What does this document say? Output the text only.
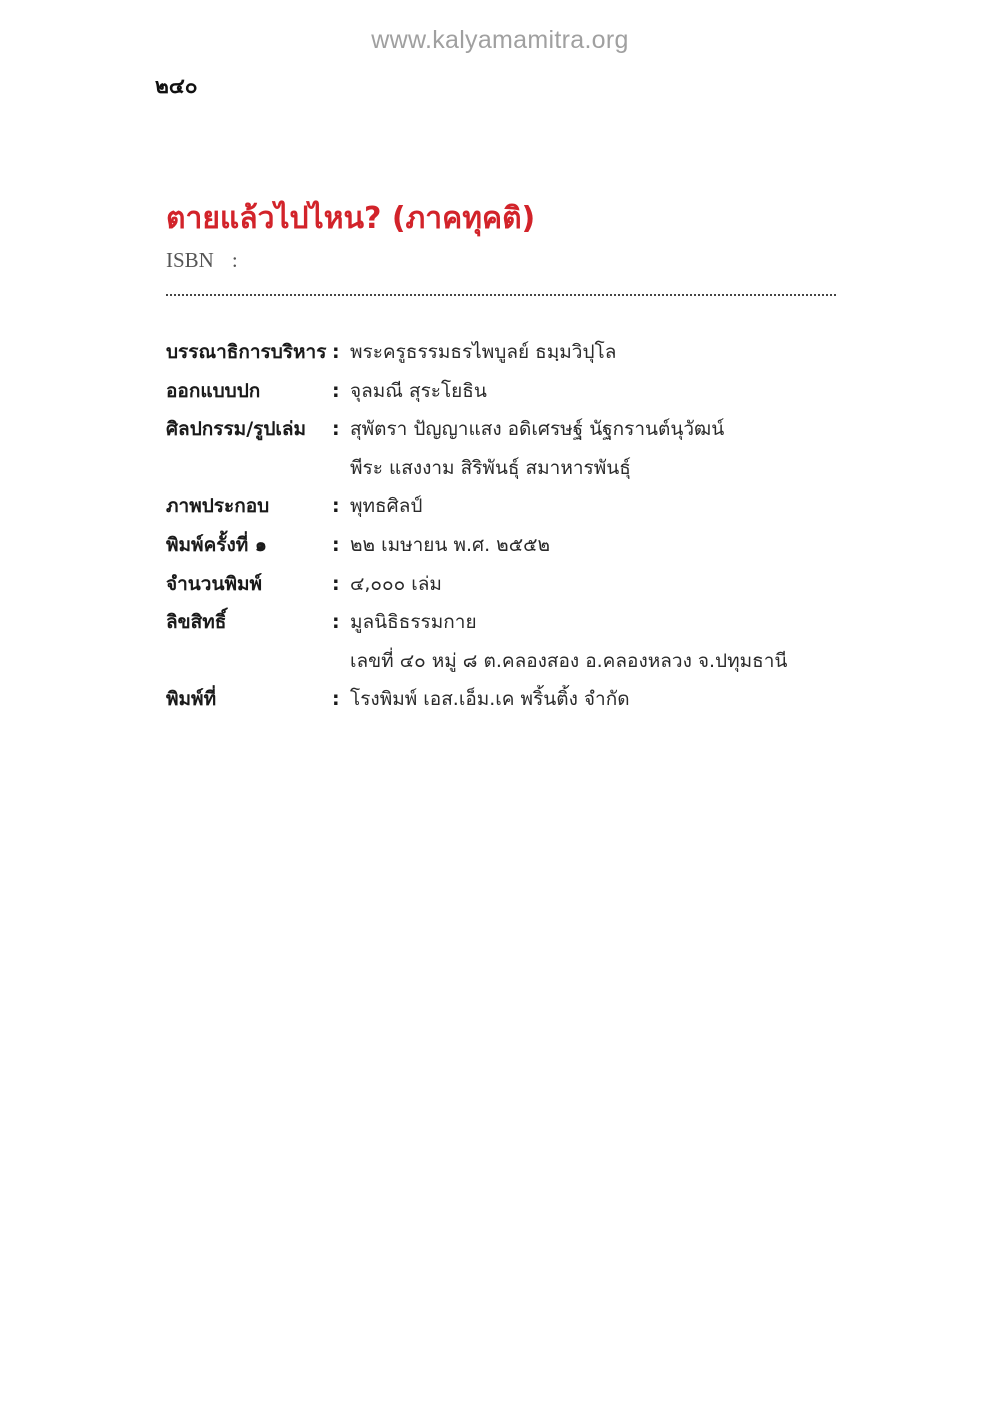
www.kalyamamitra.org
๒๔๐
ตายแล้วไปไหน? (ภาคทุคติ)
ISBN :
บรรณาธิการบริหาร : พระครูธรรมธรไพบูลย์ ธมฺมวิปุโล
ออกแบบปก	: จุลมณี สุระโยธิน
ศิลปกรรม/รูปเล่ม	: สุพัตรา ปัญญาแสง อดิเศรษฐ์ นัฐกรานต์นุวัฒน์
พีระ แสงงาม สิริพันธุ์ สมาหารพันธุ์
ภาพประกอบ	: พุทธศิลป์
พิมพ์ครั้งที่ ๑	: ๒๒ เมษายน พ.ศ. ๒๕๕๒
จำนวนพิมพ์	: ๔,๐๐๐ เล่ม
ลิขสิทธิ์	: มูลนิธิธรรมกาย
เลขที่ ๔๐ หมู่ ๘ ต.คลองสอง อ.คลองหลวง จ.ปทุมธานี
พิมพ์ที่	: โรงพิมพ์ เอส.เอ็ม.เค พริ้นติ้ง จำกัด
